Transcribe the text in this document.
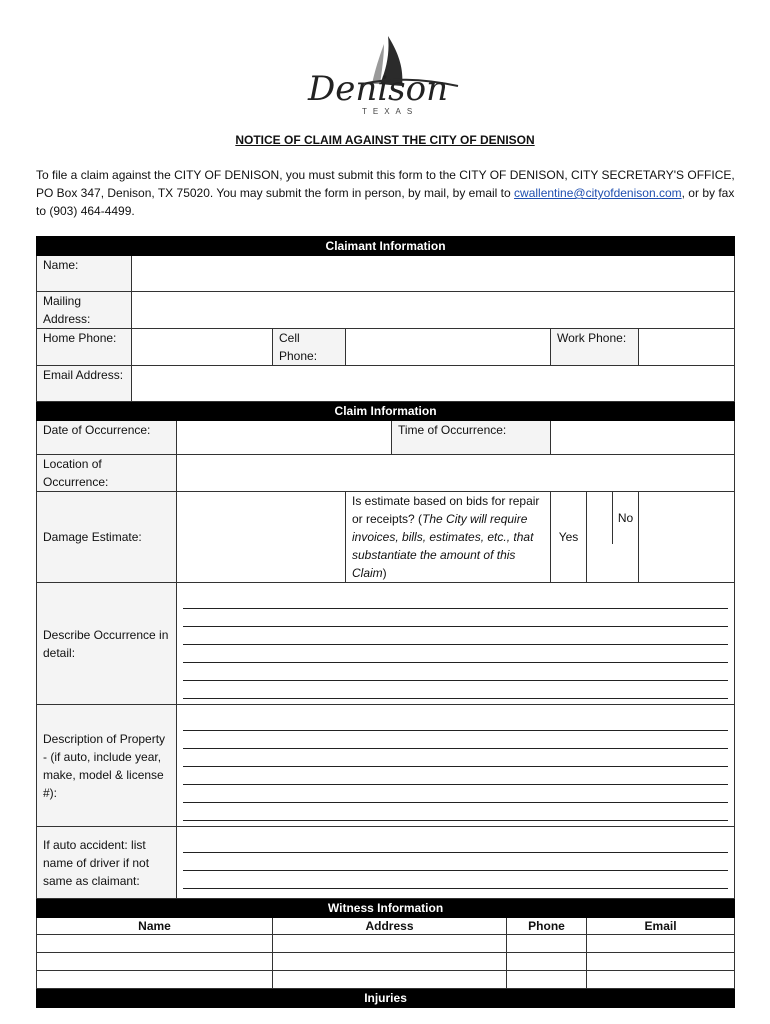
Denison
TEXAS
NOTICE OF CLAIM AGAINST THE CITY OF DENISON
To file a claim against the CITY OF DENISON, you must submit this form to the CITY OF DENISON, CITY SECRETARY'S OFFICE, PO Box 347, Denison, TX 75020. You may submit the form in person, by mail, by email to cwallentine@cityofdenison.com, or by fax to (903) 464-4499.
Claimant Information									
Name:									
Mailing Address:									
Home Phone:			Cell Phone:				Work Phone:		
Email Address:									
Claim Information									
Date of Occurrence:					Time of Occurrence:				
Location of Occurrence:									
Damage Estimate:				Is estimate based on bids for repair or receipts? (The City will require invoices, bills, estimates, etc., that substantiate the amount of this Claim)			Yes	No	

Describe Occurrence in detail:									

Description of Property - (if auto, include year, make, model & license #):									

If auto accident: list name of driver if not same as claimant:									

Witness Information									
Name			Address			Phone		Email	

Injuries									
